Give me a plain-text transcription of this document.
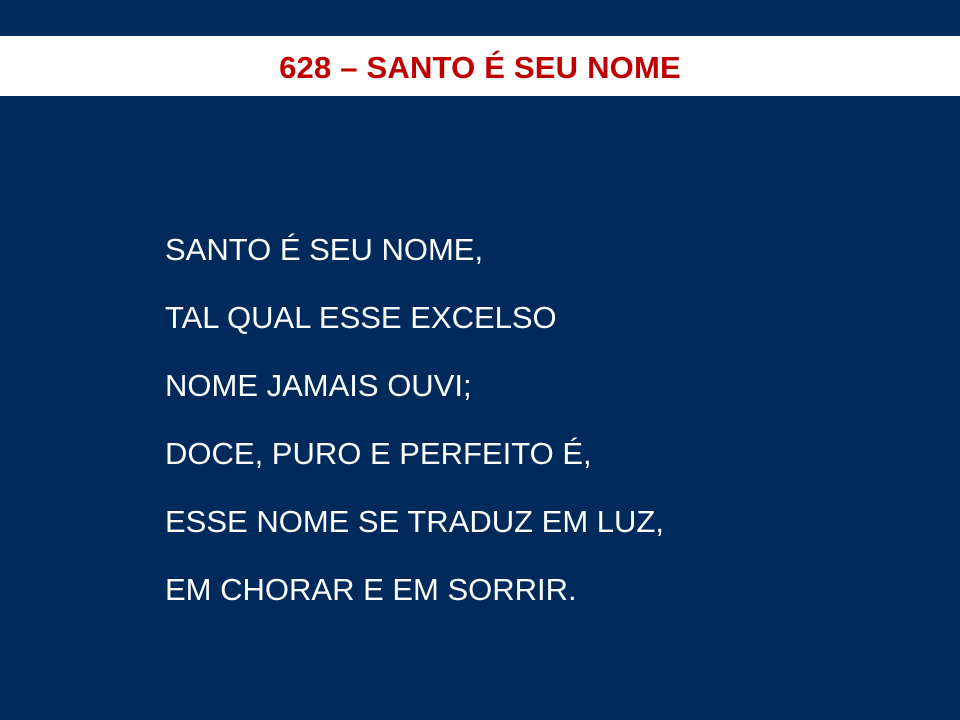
628 – SANTO É SEU NOME
SANTO É SEU NOME,
TAL QUAL ESSE EXCELSO
NOME JAMAIS OUVI;
DOCE, PURO E PERFEITO É,
ESSE NOME SE TRADUZ EM LUZ,
EM CHORAR E EM SORRIR.
